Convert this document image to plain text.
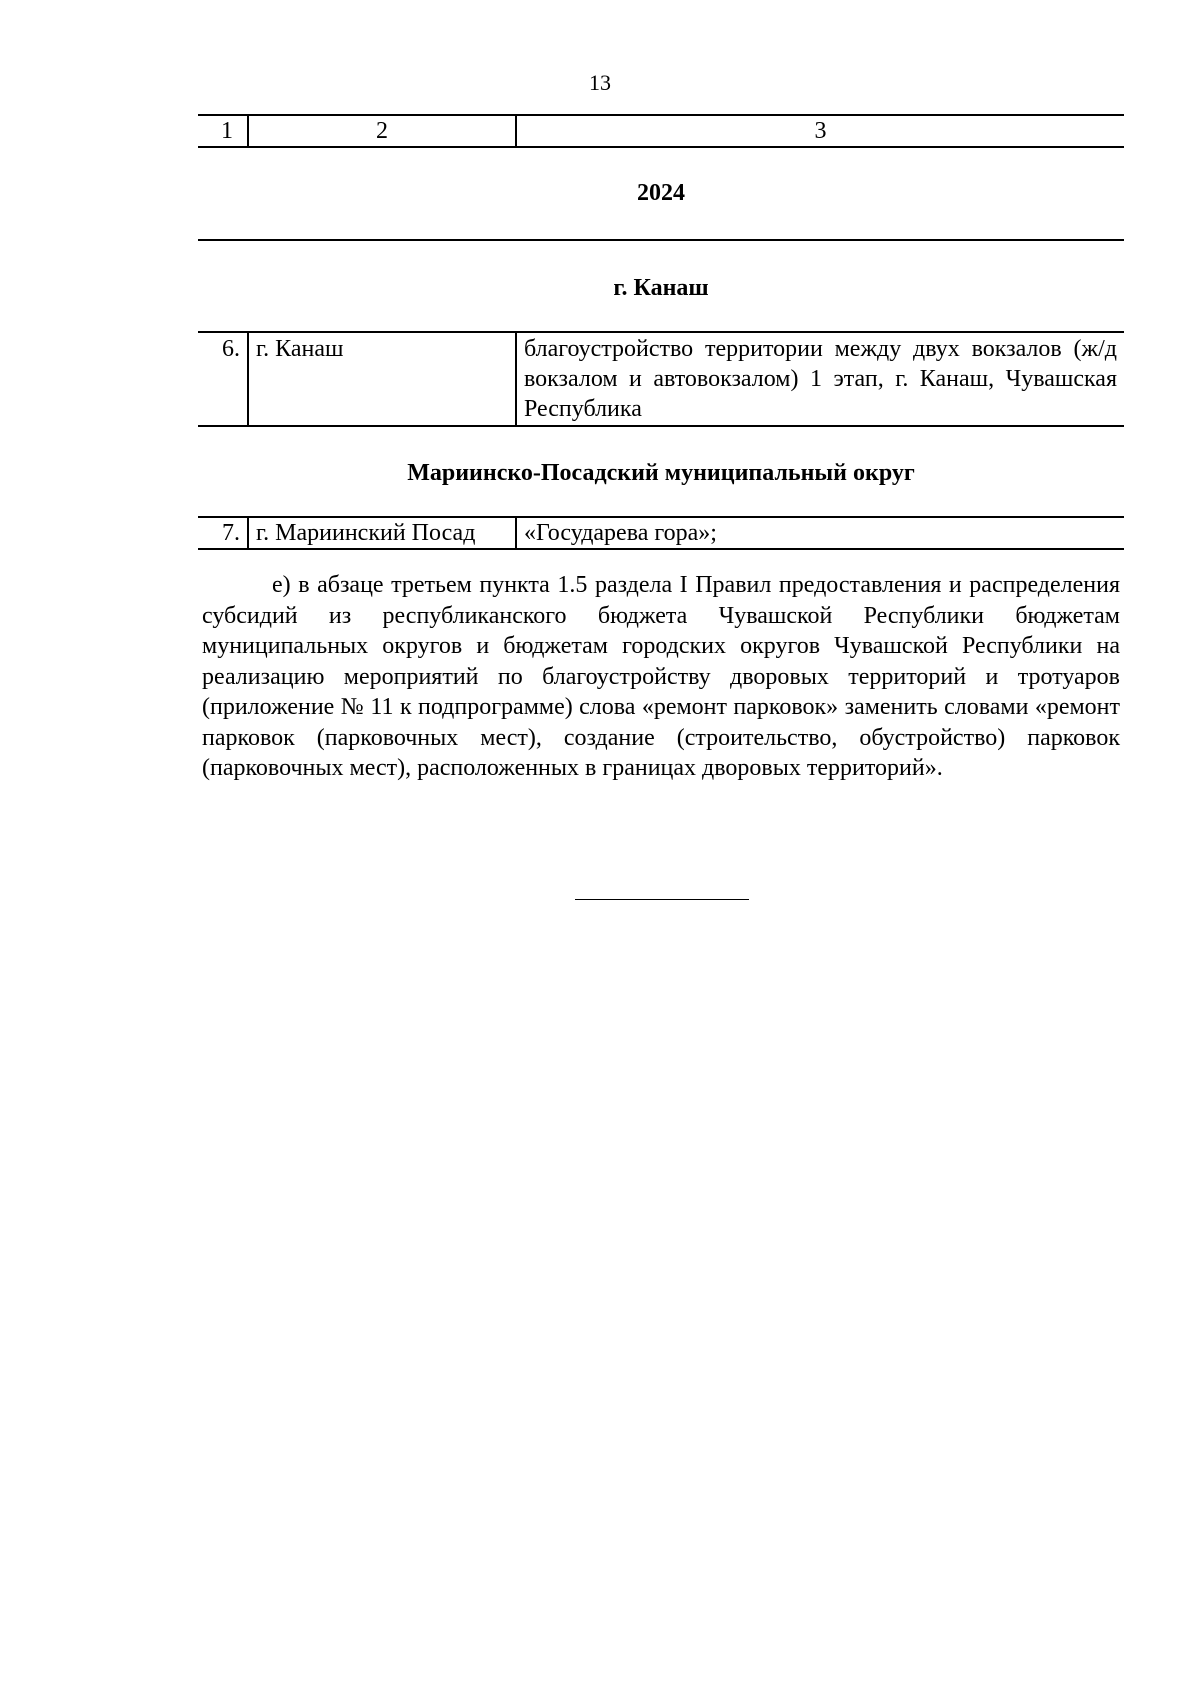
13
1	2	3
2024
г. Канаш
6.	г. Канаш	благоустройство территории между двух вокзалов (ж/д вокзалом и автовокзалом) 1 этап, г. Канаш, Чувашская Республика
Мариинско-Посадский муниципальный округ
7.	г. Мариинский Посад	«Государева гора»;

е) в абзаце третьем пункта 1.5 раздела I Правил предоставления и распределения субсидий из республиканского бюджета Чувашской Республики бюджетам муниципальных округов и бюджетам городских округов Чувашской Республики на реализацию мероприятий по благоустройству дворовых территорий и тротуаров (приложение № 11 к подпрограмме) слова «ремонт парковок» заменить словами «ремонт парковок (парковочных мест), создание (строительство, обустройство) парковок (парковочных мест), расположенных в границах дворовых территорий».
